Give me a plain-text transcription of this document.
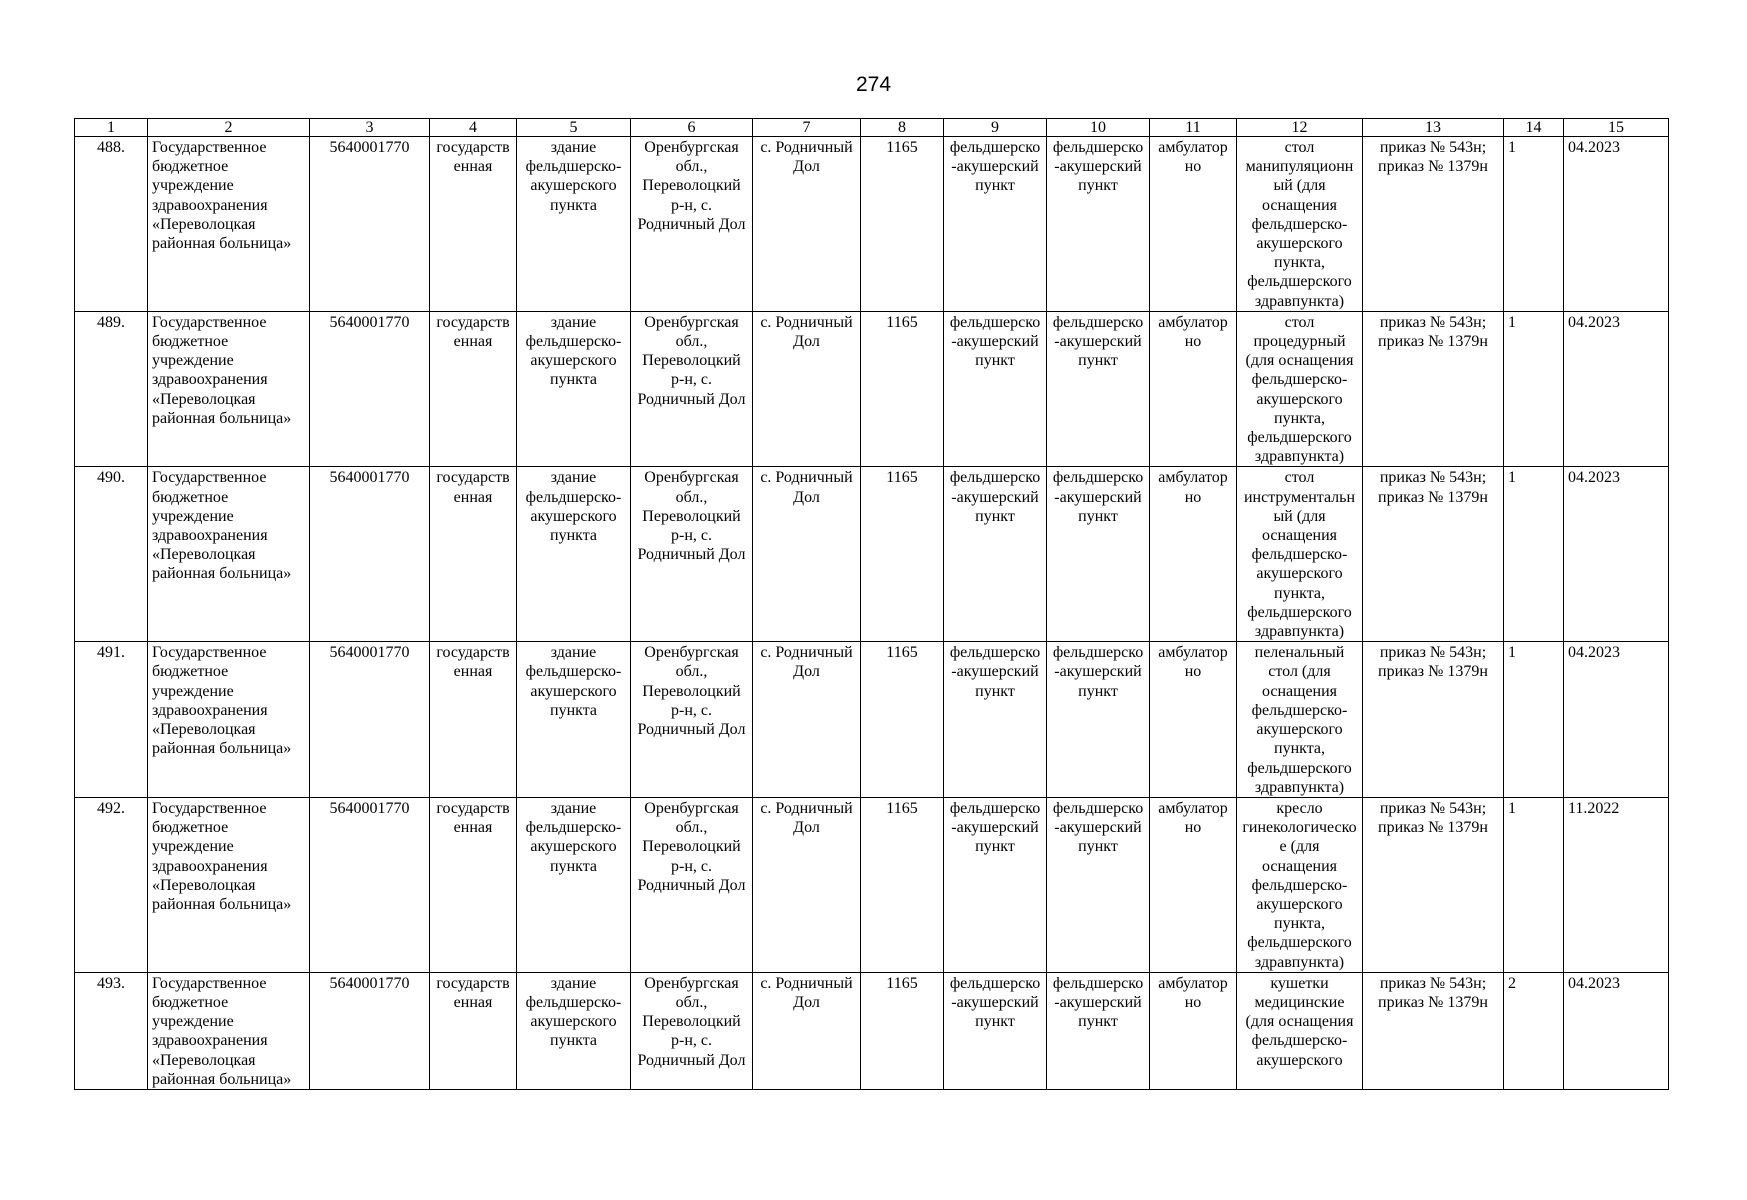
274
1	2	3	4	5	6	7	8	9	10	11	12	13	14	15
488.	Государственное бюджетное учреждение здравоохранения «Переволоцкая районная больница»	5640001770	государственная	здание фельдшерско-акушерского пункта	Оренбургская обл., Переволоцкий р-н, с. Родничный Дол	с. Родничный Дол	1165	фельдшерско-акушерский пункт	фельдшерско-акушерский пункт	амбулаторно	стол манипуляционный (для оснащения фельдшерско-акушерского пункта, фельдшерского здравпункта)	приказ № 543н; приказ № 1379н	1	04.2023
489.	Государственное бюджетное учреждение здравоохранения «Переволоцкая районная больница»	5640001770	государственная	здание фельдшерско-акушерского пункта	Оренбургская обл., Переволоцкий р-н, с. Родничный Дол	с. Родничный Дол	1165	фельдшерско-акушерский пункт	фельдшерско-акушерский пункт	амбулаторно	стол процедурный (для оснащения фельдшерско-акушерского пункта, фельдшерского здравпункта)	приказ № 543н; приказ № 1379н	1	04.2023
490.	Государственное бюджетное учреждение здравоохранения «Переволоцкая районная больница»	5640001770	государственная	здание фельдшерско-акушерского пункта	Оренбургская обл., Переволоцкий р-н, с. Родничный Дол	с. Родничный Дол	1165	фельдшерско-акушерский пункт	фельдшерско-акушерский пункт	амбулаторно	стол инструментальный (для оснащения фельдшерско-акушерского пункта, фельдшерского здравпункта)	приказ № 543н; приказ № 1379н	1	04.2023
491.	Государственное бюджетное учреждение здравоохранения «Переволоцкая районная больница»	5640001770	государственная	здание фельдшерско-акушерского пункта	Оренбургская обл., Переволоцкий р-н, с. Родничный Дол	с. Родничный Дол	1165	фельдшерско-акушерский пункт	фельдшерско-акушерский пункт	амбулаторно	пеленальный стол (для оснащения фельдшерско-акушерского пункта, фельдшерского здравпункта)	приказ № 543н; приказ № 1379н	1	04.2023
492.	Государственное бюджетное учреждение здравоохранения «Переволоцкая районная больница»	5640001770	государственная	здание фельдшерско-акушерского пункта	Оренбургская обл., Переволоцкий р-н, с. Родничный Дол	с. Родничный Дол	1165	фельдшерско-акушерский пункт	фельдшерско-акушерский пункт	амбулаторно	кресло гинекологическое (для оснащения фельдшерско-акушерского пункта, фельдшерского здравпункта)	приказ № 543н; приказ № 1379н	1	11.2022
493.	Государственное бюджетное учреждение здравоохранения «Переволоцкая районная больница»	5640001770	государственная	здание фельдшерско-акушерского пункта	Оренбургская обл., Переволоцкий р-н, с. Родничный Дол	с. Родничный Дол	1165	фельдшерско-акушерский пункт	фельдшерско-акушерский пункт	амбулаторно	кушетки медицинские (для оснащения фельдшерско-акушерского	приказ № 543н; приказ № 1379н	2	04.2023
